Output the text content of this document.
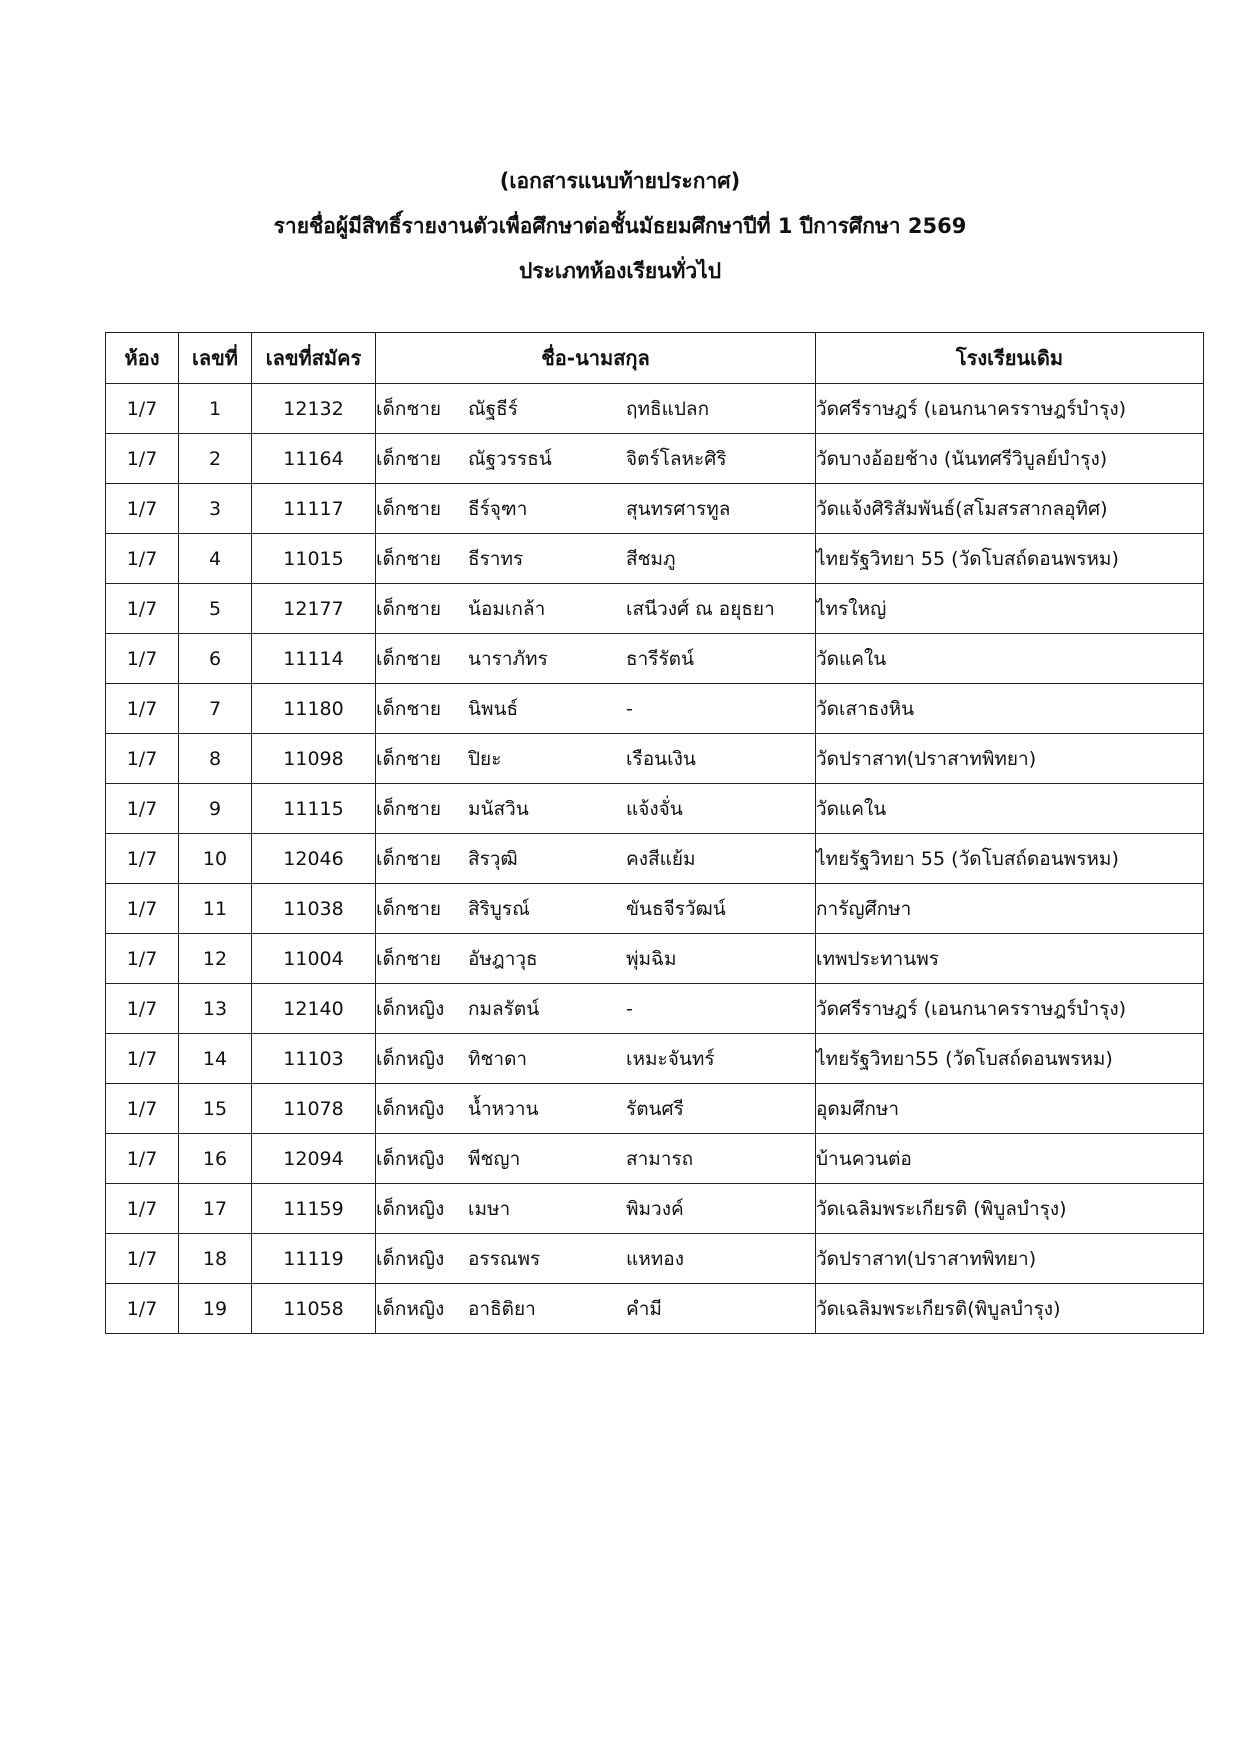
(เอกสารแนบท้ายประกาศ)
รายชื่อผู้มีสิทธิ์รายงานตัวเพื่อศึกษาต่อชั้นมัธยมศึกษาปีที่ 1 ปีการศึกษา 2569
ประเภทห้องเรียนทั่วไป
ห้อง	เลขที่	เลขที่สมัคร	ชื่อ-นามสกุล	โรงเรียนเดิม
1/7	1	12132	เด็กชาย ณัฐธีร์ ฤทธิแปลก	วัดศรีราษฎร์ (เอนกนาครราษฎร์บำรุง)
1/7	2	11164	เด็กชาย ณัฐวรรธน์ จิตร์โลหะศิริ	วัดบางอ้อยช้าง (นันทศรีวิบูลย์บำรุง)
1/7	3	11117	เด็กชาย ธีร์จุฑา สุนทรศารทูล	วัดแจ้งศิริสัมพันธ์(สโมสรสากลอุทิศ)
1/7	4	11015	เด็กชาย ธีราทร สีชมภู	ไทยรัฐวิทยา 55 (วัดโบสถ์ดอนพรหม)
1/7	5	12177	เด็กชาย น้อมเกล้า เสนีวงศ์ ณ อยุธยา	ไทรใหญ่
1/7	6	11114	เด็กชาย นาราภัทร ธารีรัตน์	วัดแคใน
1/7	7	11180	เด็กชาย นิพนธ์ -	วัดเสาธงหิน
1/7	8	11098	เด็กชาย ปิยะ เรือนเงิน	วัดปราสาท(ปราสาทพิทยา)
1/7	9	11115	เด็กชาย มนัสวิน แจ้งจั่น	วัดแคใน
1/7	10	12046	เด็กชาย สิรวุฒิ คงสีแย้ม	ไทยรัฐวิทยา 55 (วัดโบสถ์ดอนพรหม)
1/7	11	11038	เด็กชาย สิริบูรณ์ ขันธจีรวัฒน์	การัญศึกษา
1/7	12	11004	เด็กชาย อัษฎาวุธ พุ่มฉิม	เทพประทานพร
1/7	13	12140	เด็กหญิง กมลรัตน์ -	วัดศรีราษฎร์ (เอนกนาครราษฎร์บำรุง)
1/7	14	11103	เด็กหญิง ทิชาดา เหมะจันทร์	ไทยรัฐวิทยา55 (วัดโบสถ์ดอนพรหม)
1/7	15	11078	เด็กหญิง น้ำหวาน รัตนศรี	อุดมศึกษา
1/7	16	12094	เด็กหญิง พีชญา สามารถ	บ้านควนต่อ
1/7	17	11159	เด็กหญิง เมษา พิมวงค์	วัดเฉลิมพระเกียรติ (พิบูลบำรุง)
1/7	18	11119	เด็กหญิง อรรณพร แหทอง	วัดปราสาท(ปราสาทพิทยา)
1/7	19	11058	เด็กหญิง อาธิติยา คำมี	วัดเฉลิมพระเกียรติ(พิบูลบำรุง)
